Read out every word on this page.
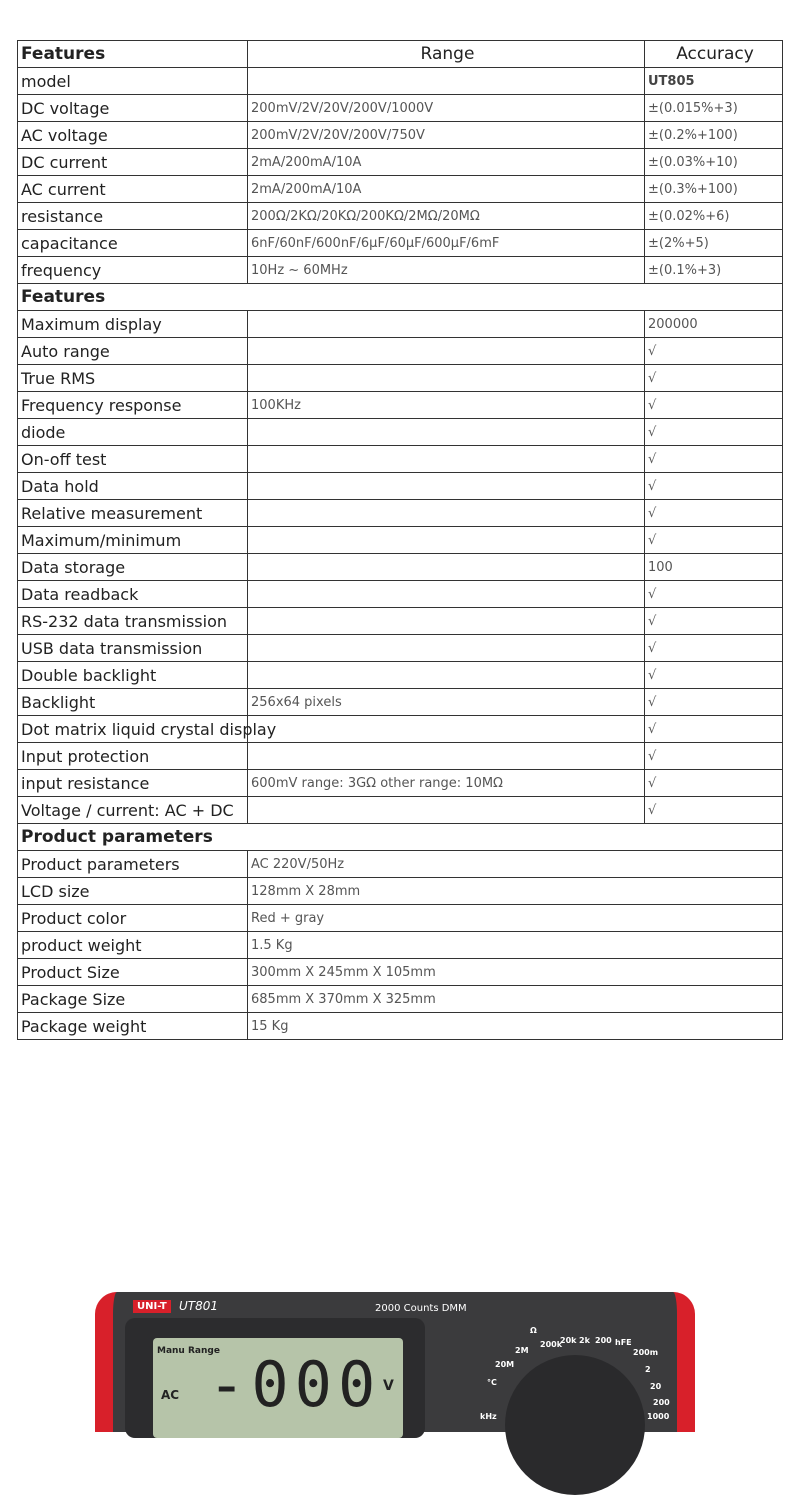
Features	Range	Accuracy
model		UT805
DC voltage	200mV/2V/20V/200V/1000V	±(0.015%+3)
AC voltage	200mV/2V/20V/200V/750V	±(0.2%+100)
DC current	2mA/200mA/10A	±(0.03%+10)
AC current	2mA/200mA/10A	±(0.3%+100)
resistance	200Ω/2KΩ/20KΩ/200KΩ/2MΩ/20MΩ	±(0.02%+6)
capacitance	6nF/60nF/600nF/6μF/60μF/600μF/6mF	±(2%+5)
frequency	10Hz ~ 60MHz	±(0.1%+3)
Features		
Maximum display		200000
Auto range		√
True RMS		√
Frequency response	100KHz	√
diode		√
On-off test		√
Data hold		√
Relative measurement		√
Maximum/minimum		√
Data storage		100
Data readback		√
RS-232 data transmission		√
USB data transmission		√
Double backlight		√
Backlight	256x64 pixels	√
Dot matrix liquid crystal display		√
Input protection		√
input resistance	600mV range: 3GΩ other range: 10MΩ	√
Voltage / current: AC + DC		√
Product parameters		
Product parameters	AC 220V/50Hz	
LCD size	128mm X 28mm	
Product color	Red + gray	
product weight	1.5 Kg	
Product Size	300mm X 245mm X 105mm	
Package Size	685mm X 370mm X 325mm	
Package weight	15 Kg	
UNI-T	UT801	2000 Counts DMM
Manu Range
AC -000 V
Ω
200k
20k 2k 200 hFE
2M
20M
200m
2
20
200
1000
°C
kHz
